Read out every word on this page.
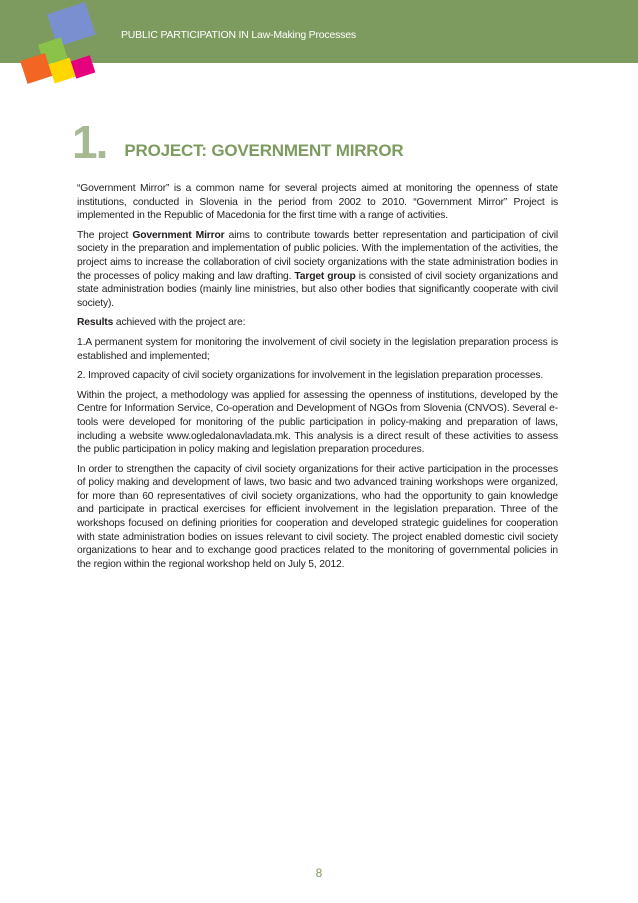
PUBLIC PARTICIPATION IN Law-Making Processes
1. PROJECT: GOVERNMENT MIRROR

“Government Mirror” is a common name for several projects aimed at monitoring the openness of state institutions, conducted in Slovenia in the period from 2002 to 2010. “Government Mirror” Project is implemented in the Republic of Macedonia for the first time with a range of activities.

The project Government Mirror aims to contribute towards better representation and participation of civil society in the preparation and implementation of public policies. With the implementation of the activities, the project aims to increase the collaboration of civil society organizations with the state administration bodies in the processes of policy making and law drafting. Target group is consisted of civil society organizations and state administration bodies (mainly line ministries, but also other bodies that significantly cooperate with civil society).

Results achieved with the project are:

1.A permanent system for monitoring the involvement of civil society in the legislation preparation process is established and implemented;

2. Improved capacity of civil society organizations for involvement in the legislation preparation processes.

Within the project, a methodology was applied for assessing the openness of institutions, developed by the Centre for Information Service, Co-operation and Development of NGOs from Slovenia (CNVOS). Several e-tools were developed for monitoring of the public participation in policy-making and preparation of laws, including a website www.ogledalonavladata.mk. This analysis is a direct result of these activities to assess the public participation in policy making and legislation preparation procedures.

In order to strengthen the capacity of civil society organizations for their active participation in the processes of policy making and development of laws, two basic and two advanced training workshops were organized, for more than 60 representatives of civil society organizations, who had the opportunity to gain knowledge and participate in practical exercises for efficient involvement in the legislation preparation. Three of the workshops focused on defining priorities for cooperation and developed strategic guidelines for cooperation with state administration bodies on issues relevant to civil society. The project enabled domestic civil society organizations to hear and to exchange good practices related to the monitoring of governmental policies in the region within the regional workshop held on July 5, 2012.

8
